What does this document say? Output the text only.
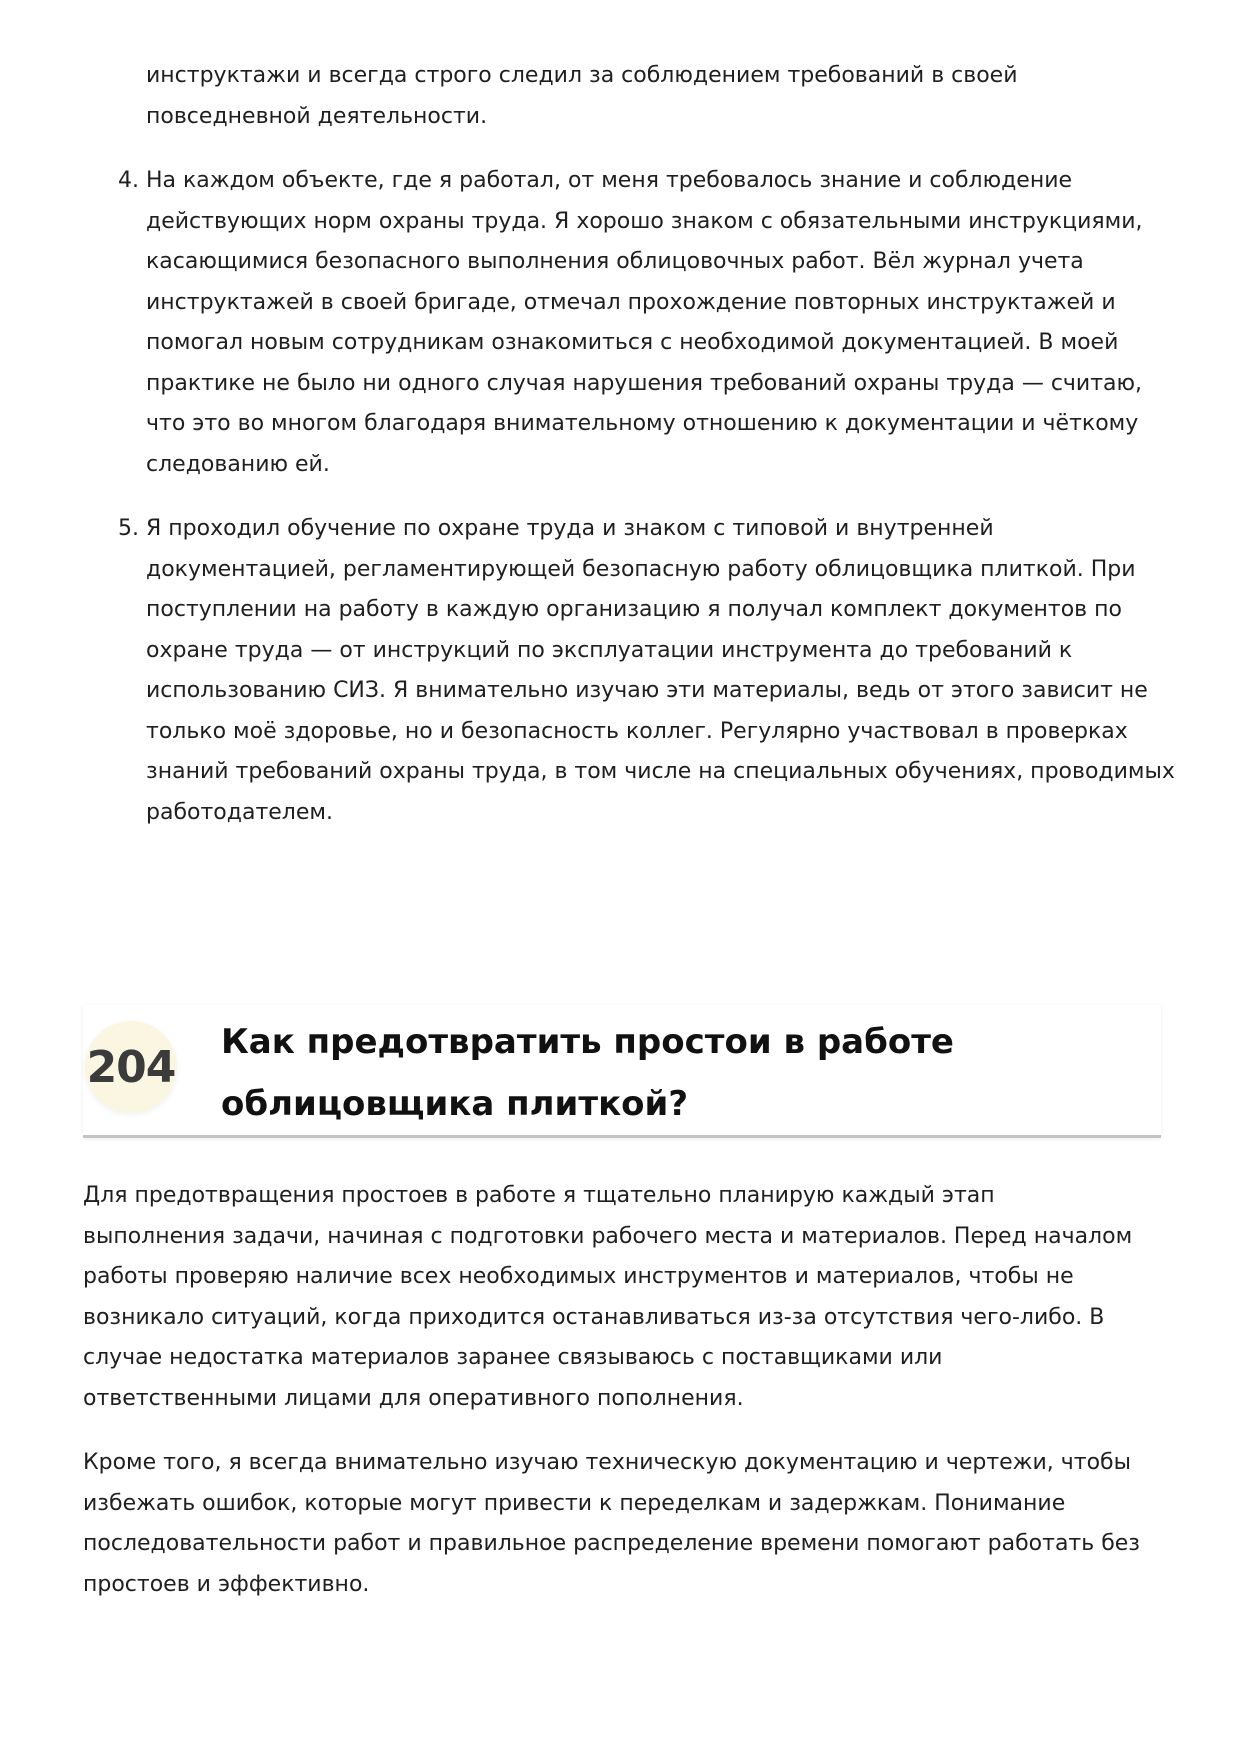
инструктажи и всегда строго следил за соблюдением требований в своей повседневной деятельности.
4. На каждом объекте, где я работал, от меня требовалось знание и соблюдение действующих норм охраны труда. Я хорошо знаком с обязательными инструкциями, касающимися безопасного выполнения облицовочных работ. Вёл журнал учета инструктажей в своей бригаде, отмечал прохождение повторных инструктажей и помогал новым сотрудникам ознакомиться с необходимой документацией. В моей практике не было ни одного случая нарушения требований охраны труда — считаю, что это во многом благодаря внимательному отношению к документации и чёткому следованию ей.
5. Я проходил обучение по охране труда и знаком с типовой и внутренней документацией, регламентирующей безопасную работу облицовщика плиткой. При поступлении на работу в каждую организацию я получал комплект документов по охране труда — от инструкций по эксплуатации инструмента до требований к использованию СИЗ. Я внимательно изучаю эти материалы, ведь от этого зависит не только моё здоровье, но и безопасность коллег. Регулярно участвовал в проверках знаний требований охраны труда, в том числе на специальных обучениях, проводимых работодателем.
204 Как предотвратить простои в работе облицовщика плиткой?

Для предотвращения простоев в работе я тщательно планирую каждый этап выполнения задачи, начиная с подготовки рабочего места и материалов. Перед началом работы проверяю наличие всех необходимых инструментов и материалов, чтобы не возникало ситуаций, когда приходится останавливаться из-за отсутствия чего-либо. В случае недостатка материалов заранее связываюсь с поставщиками или ответственными лицами для оперативного пополнения.

Кроме того, я всегда внимательно изучаю техническую документацию и чертежи, чтобы избежать ошибок, которые могут привести к переделкам и задержкам. Понимание последовательности работ и правильное распределение времени помогают работать без простоев и эффективно.
